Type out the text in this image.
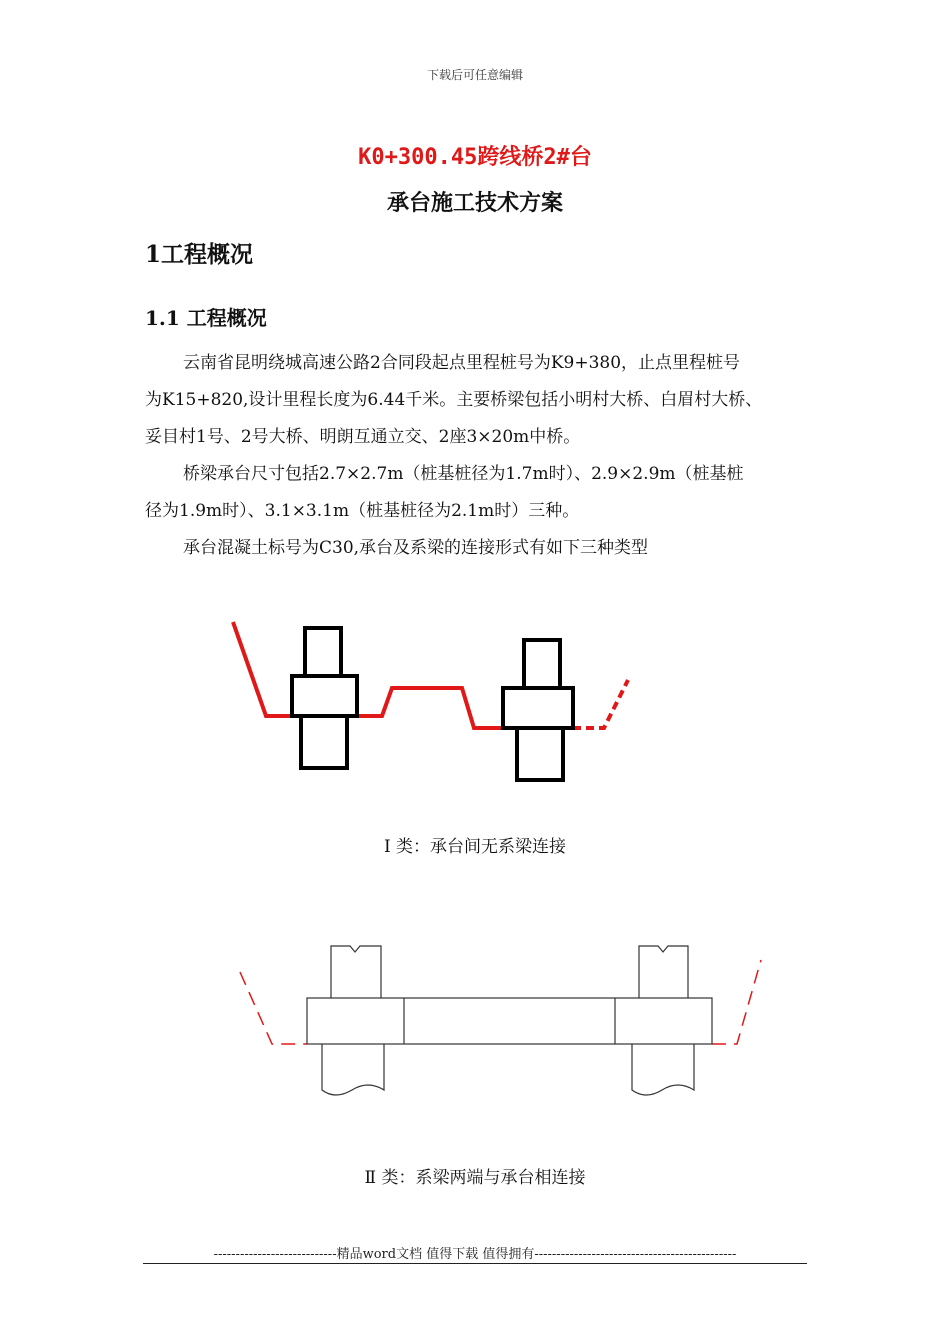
下载后可任意编辑
K0+300.45跨线桥2#台
承台施工技术方案
1工程概况
1.1 工程概况
云南省昆明绕城高速公路2合同段起点里程桩号为K9+380，止点里程桩号
为K15+820,设计里程长度为6.44千米。主要桥梁包括小明村大桥、白眉村大桥、
妥目村1号、2号大桥、明朗互通立交、2座3×20m中桥。
桥梁承台尺寸包括2.7×2.7m（桩基桩径为1.7m时）、2.9×2.9m（桩基桩
径为1.9m时）、3.1×3.1m（桩基桩径为2.1m时）三种。
承台混凝土标号为C30,承台及系梁的连接形式有如下三种类型
Ⅰ 类：承台间无系梁连接
Ⅱ 类：系梁两端与承台相连接
----------------------------精品word文档 值得下载 值得拥有----------------------------------------------
